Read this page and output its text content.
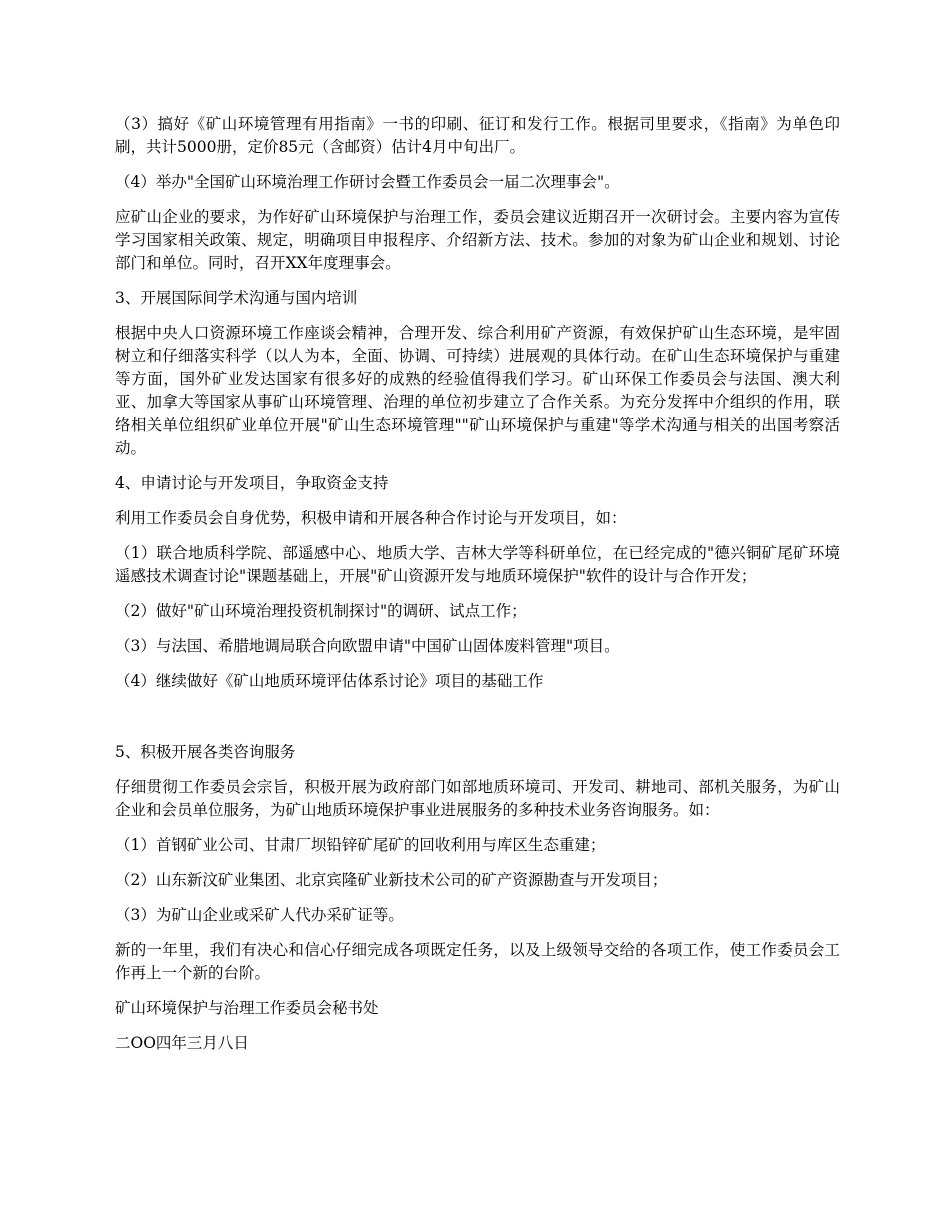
（3）搞好《矿山环境管理有用指南》一书的印刷、征订和发行工作。根据司里要求，《指南》为单色印刷，共计5000册，定价85元（含邮资）估计4月中旬出厂。

（4）举办"全国矿山环境治理工作研讨会暨工作委员会一届二次理事会"。

应矿山企业的要求，为作好矿山环境保护与治理工作，委员会建议近期召开一次研讨会。主要内容为宣传学习国家相关政策、规定，明确项目申报程序、介绍新方法、技术。参加的对象为矿山企业和规划、讨论部门和单位。同时，召开XX年度理事会。

3、开展国际间学术沟通与国内培训

根据中央人口资源环境工作座谈会精神，合理开发、综合利用矿产资源，有效保护矿山生态环境，是牢固树立和仔细落实科学（以人为本，全面、协调、可持续）进展观的具体行动。在矿山生态环境保护与重建等方面，国外矿业发达国家有很多好的成熟的经验值得我们学习。矿山环保工作委员会与法国、澳大利亚、加拿大等国家从事矿山环境管理、治理的单位初步建立了合作关系。为充分发挥中介组织的作用，联络相关单位组织矿业单位开展"矿山生态环境管理""矿山环境保护与重建"等学术沟通与相关的出国考察活动。

4、申请讨论与开发项目，争取资金支持

利用工作委员会自身优势，积极申请和开展各种合作讨论与开发项目，如：

（1）联合地质科学院、部遥感中心、地质大学、吉林大学等科研单位，在已经完成的"德兴铜矿尾矿环境遥感技术调查讨论"课题基础上，开展"矿山资源开发与地质环境保护"软件的设计与合作开发；

（2）做好"矿山环境治理投资机制探讨"的调研、试点工作；

（3）与法国、希腊地调局联合向欧盟申请"中国矿山固体废料管理"项目。

（4）继续做好《矿山地质环境评估体系讨论》项目的基础工作

5、积极开展各类咨询服务

仔细贯彻工作委员会宗旨，积极开展为政府部门如部地质环境司、开发司、耕地司、部机关服务，为矿山企业和会员单位服务，为矿山地质环境保护事业进展服务的多种技术业务咨询服务。如：

（1）首钢矿业公司、甘肃厂坝铅锌矿尾矿的回收利用与库区生态重建；

（2）山东新汶矿业集团、北京宾隆矿业新技术公司的矿产资源勘查与开发项目；

（3）为矿山企业或采矿人代办采矿证等。

新的一年里，我们有决心和信心仔细完成各项既定任务，以及上级领导交给的各项工作，使工作委员会工作再上一个新的台阶。

矿山环境保护与治理工作委员会秘书处

二OO四年三月八日
